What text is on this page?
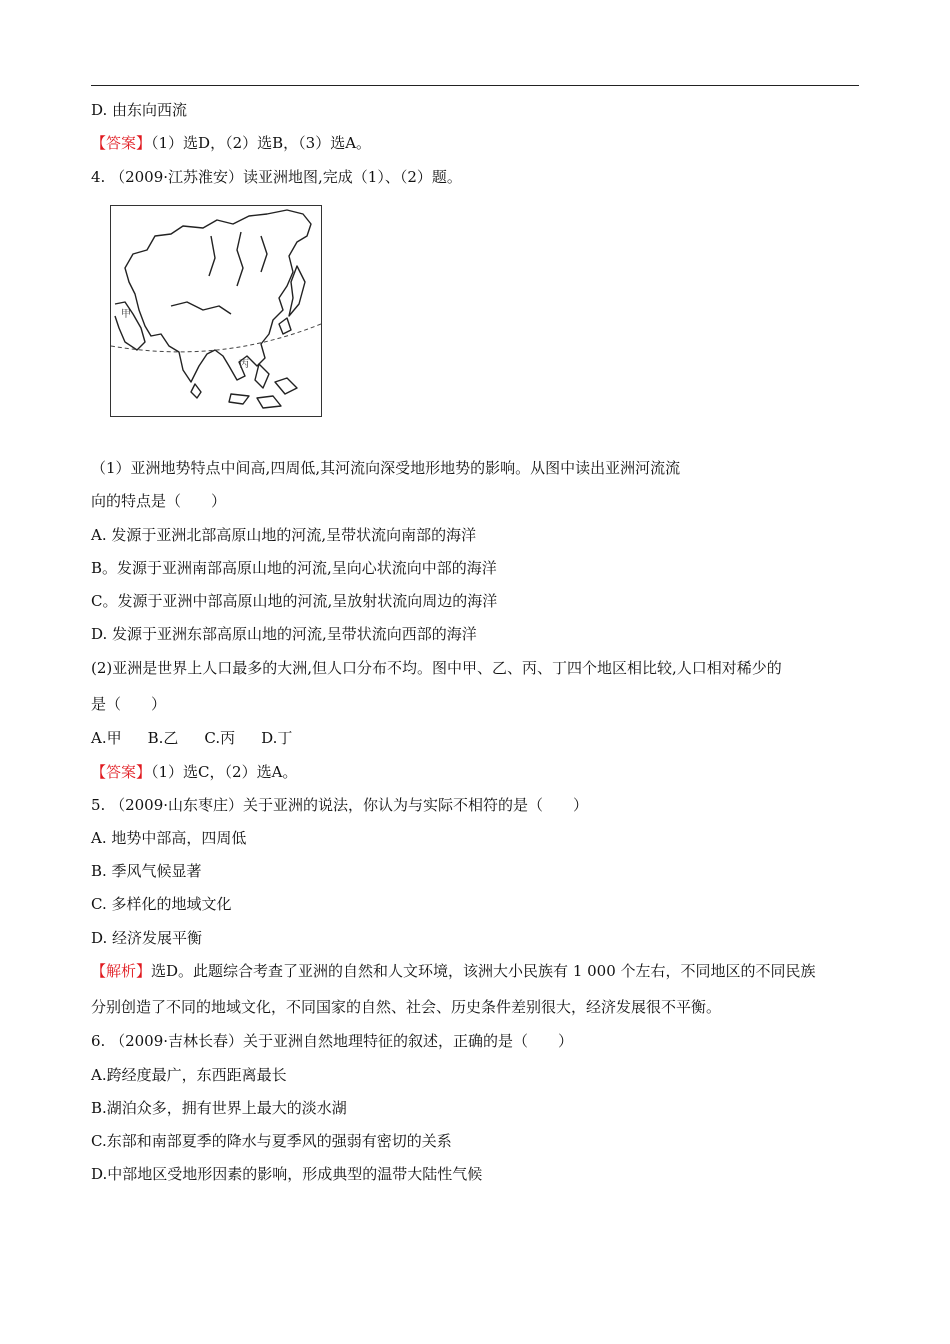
D. 由东向西流
【答案】（1）选D，（2）选B，（3）选A。
4. （2009·江苏淮安）读亚洲地图,完成（1）、（2）题。
甲
丙
（1）亚洲地势特点中间高,四周低,其河流向深受地形地势的影响。从图中读出亚洲河流流
向的特点是（　　）
A. 发源于亚洲北部高原山地的河流,呈带状流向南部的海洋
B。发源于亚洲南部高原山地的河流,呈向心状流向中部的海洋
C。发源于亚洲中部高原山地的河流,呈放射状流向周边的海洋
D. 发源于亚洲东部高原山地的河流,呈带状流向西部的海洋
(2)亚洲是世界上人口最多的大洲,但人口分布不均。图中甲、乙、丙、丁四个地区相比较,人口相对稀少的
是（　　）
A.甲 B.乙 C.丙 D.丁
【答案】（1）选C，（2）选A。
5. （2009·山东枣庄）关于亚洲的说法，你认为与实际不相符的是（　　）
A. 地势中部高，四周低
B. 季风气候显著
C. 多样化的地域文化
D. 经济发展平衡
【解析】选D。此题综合考查了亚洲的自然和人文环境，该洲大小民族有 1 000 个左右，不同地区的不同民族
分别创造了不同的地域文化，不同国家的自然、社会、历史条件差别很大，经济发展很不平衡。
6. （2009·吉林长春）关于亚洲自然地理特征的叙述，正确的是（　　）
A.跨经度最广，东西距离最长
B.湖泊众多，拥有世界上最大的淡水湖
C.东部和南部夏季的降水与夏季风的强弱有密切的关系
D.中部地区受地形因素的影响，形成典型的温带大陆性气候
